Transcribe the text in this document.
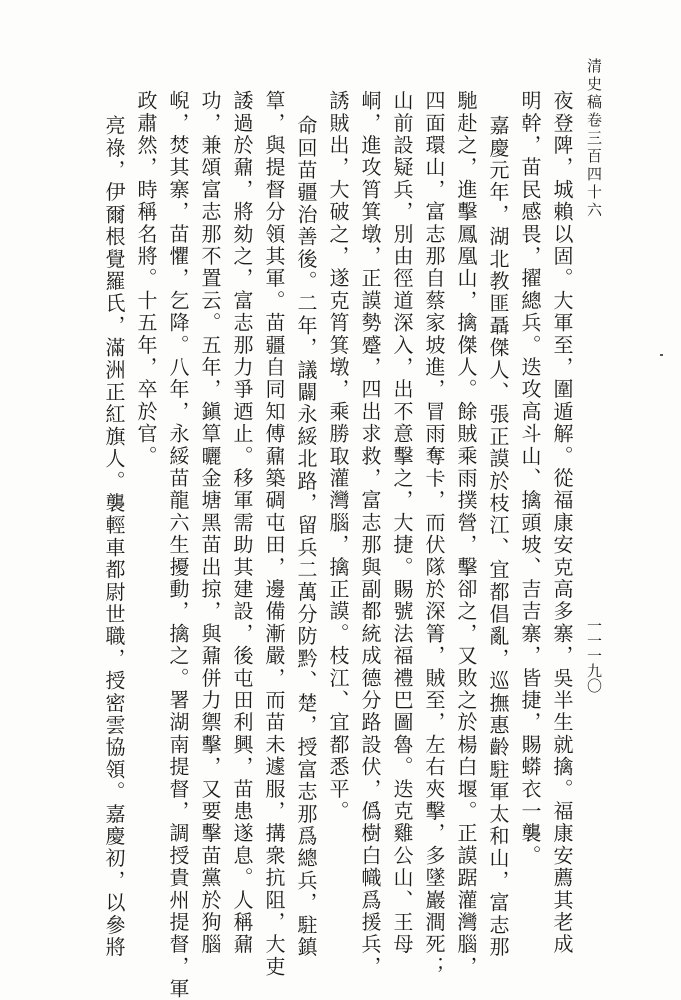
清史稿卷三百四十六
一一一九〇
夜登陴，城賴以固。大軍至，圍遁解。從福康安克高多寨，吳半生就擒。福康安薦其老成
明幹，苗民感畏，擢總兵。迭攻高斗山、擒頭坡、吉吉寨，皆捷，賜蟒衣一襲。
嘉慶元年，湖北教匪聶傑人、張正謨於枝江、宜都倡亂，巡撫惠齡駐軍太和山，富志那
馳赴之，進擊鳳凰山，擒傑人。餘賊乘雨撲營，擊卻之，又敗之於楊白堰。正謨踞灌灣腦，
四面環山，富志那自蔡家坡進，冒雨奪卡，而伏隊於深箐，賊至，左右夾擊，多墜巖澗死；
山前設疑兵，別由徑道深入，出不意擊之，大捷。賜號法福禮巴圖魯。迭克雞公山、王母
峒，進攻筲箕墩，正謨勢蹙，四出求救，富志那與副都統成德分路設伏，僞樹白幟爲援兵，
誘賊出，大破之，遂克筲箕墩，乘勝取灌灣腦，擒正謨。枝江、宜都悉平。
命回苗疆治善後。二年，議闢永綏北路，留兵二萬分防黔、楚，授富志那爲總兵，駐鎮
筸，與提督分領其軍。苗疆自同知傅鼐築碉屯田，邊備漸嚴，而苗未遽服，搆衆抗阻，大吏
諉過於鼐，將劾之，富志那力爭迺止。移軍需助其建設，後屯田利興，苗患遂息。人稱鼐
功，兼頌富志那不置云。五年，鎭筸曬金塘黑苗出掠，與鼐併力禦擊，又要擊苗黨於狗腦
𡸣，焚其寨，苗懼，乞降。八年，永綏苗龍六生擾動，擒之。署湖南提督，調授貴州提督，軍
政肅然，時稱名將。十五年，卒於官。
亮祿，伊爾根覺羅氏，滿洲正紅旗人。襲輕車都尉世職，授密雲協領。嘉慶初，以參將
